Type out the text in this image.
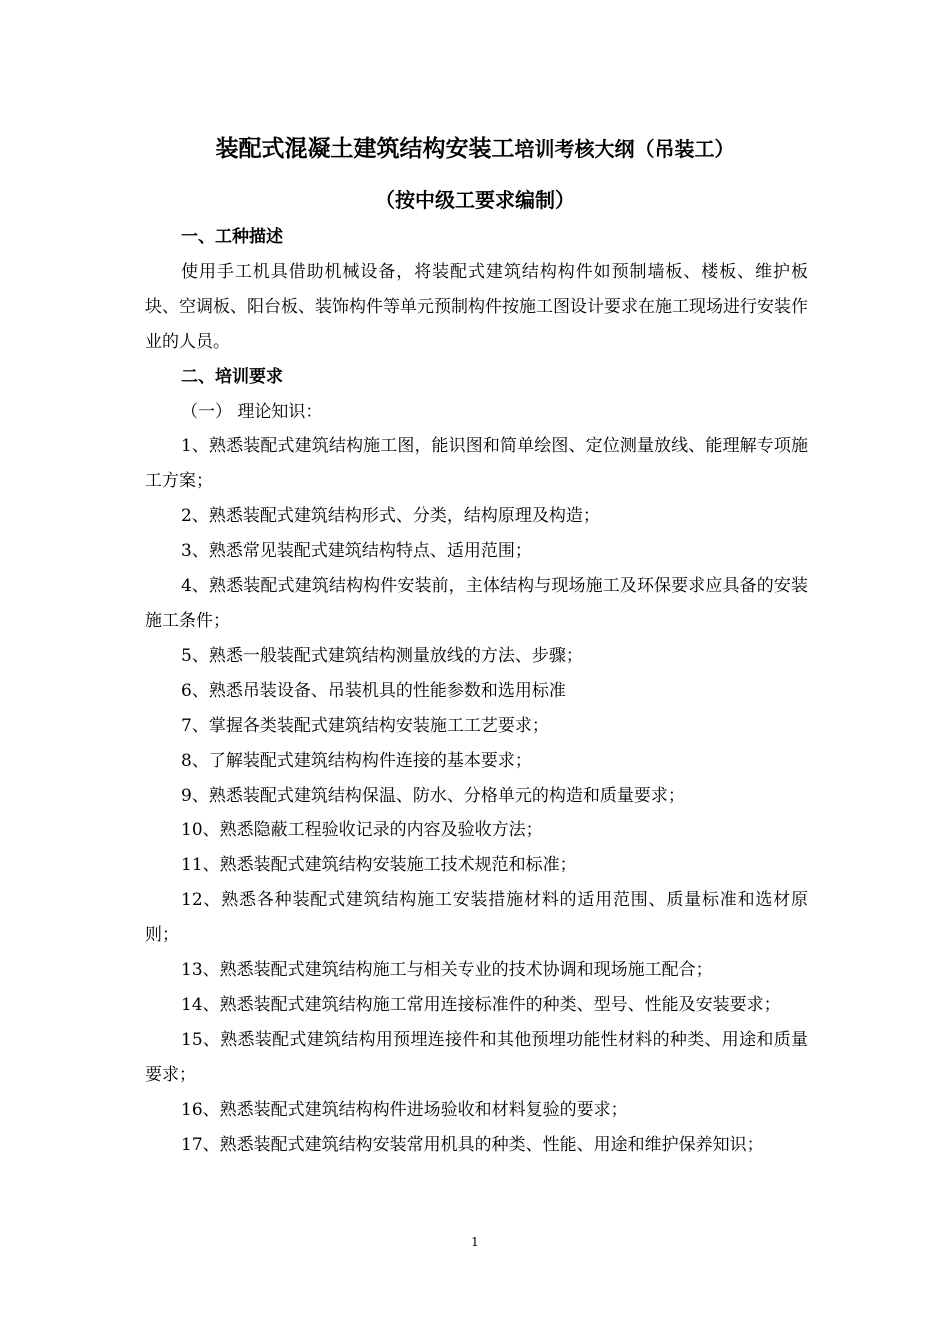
装配式混凝土建筑结构安装工培训考核大纲（吊装工）
（按中级工要求编制）

一、工种描述

使用手工机具借助机械设备，将装配式建筑结构构件如预制墙板、楼板、维护板块、空调板、阳台板、装饰构件等单元预制构件按施工图设计要求在施工现场进行安装作业的人员。

二、培训要求

（一） 理论知识：

1、熟悉装配式建筑结构施工图，能识图和简单绘图、定位测量放线、能理解专项施工方案；

2、熟悉装配式建筑结构形式、分类，结构原理及构造；

3、熟悉常见装配式建筑结构特点、适用范围；

4、熟悉装配式建筑结构构件安装前，主体结构与现场施工及环保要求应具备的安装施工条件；

5、熟悉一般装配式建筑结构测量放线的方法、步骤；

6、熟悉吊装设备、吊装机具的性能参数和选用标准

7、掌握各类装配式建筑结构安装施工工艺要求；

8、了解装配式建筑结构构件连接的基本要求；

9、熟悉装配式建筑结构保温、防水、分格单元的构造和质量要求；

10、熟悉隐蔽工程验收记录的内容及验收方法；

11、熟悉装配式建筑结构安装施工技术规范和标准；

12、熟悉各种装配式建筑结构施工安装措施材料的适用范围、质量标准和选材原则；

13、熟悉装配式建筑结构施工与相关专业的技术协调和现场施工配合；

14、熟悉装配式建筑结构施工常用连接标准件的种类、型号、性能及安装要求；

15、熟悉装配式建筑结构用预埋连接件和其他预埋功能性材料的种类、用途和质量要求；

16、熟悉装配式建筑结构构件进场验收和材料复验的要求；

17、熟悉装配式建筑结构安装常用机具的种类、性能、用途和维护保养知识；

1
